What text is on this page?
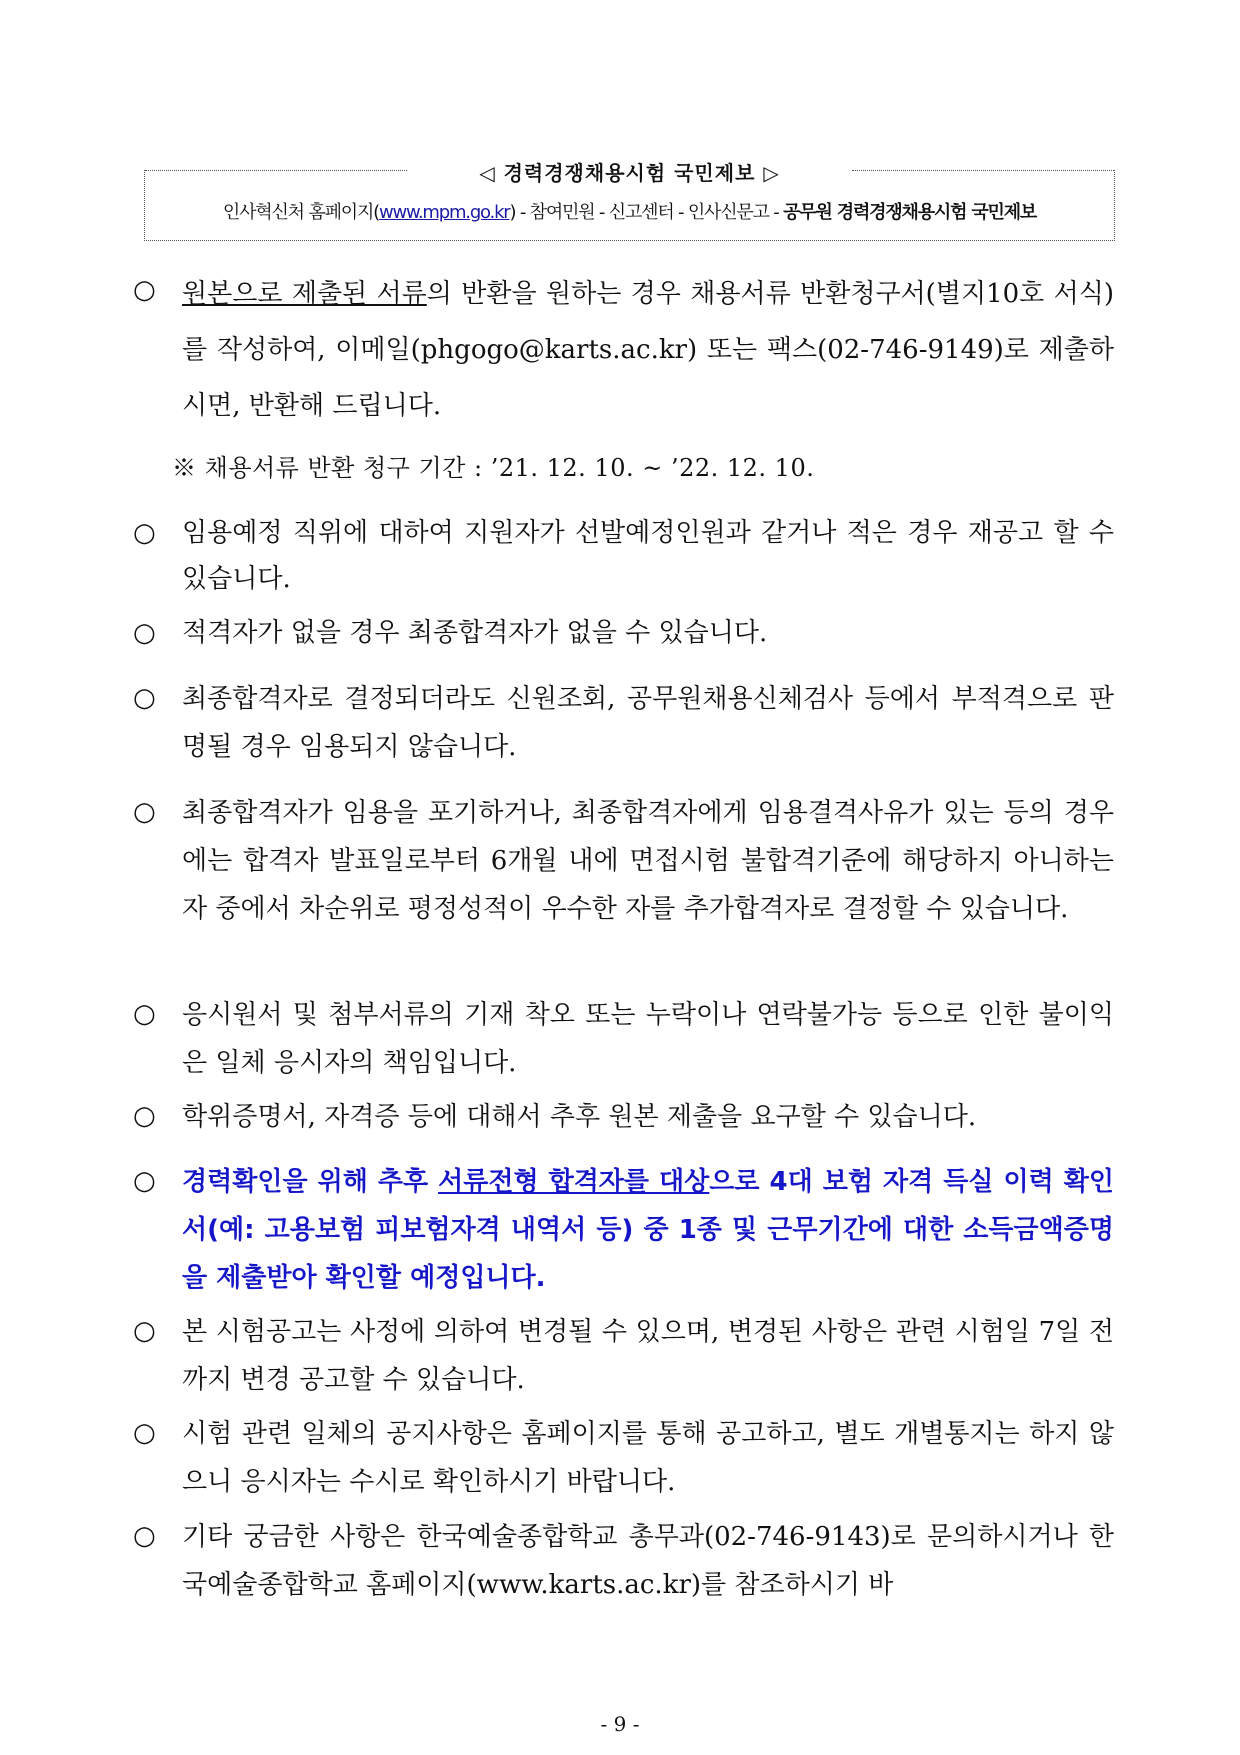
◁ 경력경쟁채용시험 국민제보 ▷
인사혁신처 홈페이지(www.mpm.go.kr) - 참여민원 - 신고센터 - 인사신문고 - 공무원 경력경쟁채용시험 국민제보
○ 원본으로 제출된 서류의 반환을 원하는 경우 채용서류 반환청구서(별지10호 서식)를 작성하여, 이메일(phgogo@karts.ac.kr) 또는 팩스(02-746-9149)로 제출하시면, 반환해 드립니다.
※ 채용서류 반환 청구 기간 : ’21. 12. 10. ~ ’22. 12. 10.
○ 임용예정 직위에 대하여 지원자가 선발예정인원과 같거나 적은 경우 재공고 할 수 있습니다.
○ 적격자가 없을 경우 최종합격자가 없을 수 있습니다.
○ 최종합격자로 결정되더라도 신원조회, 공무원채용신체검사 등에서 부적격으로 판명될 경우 임용되지 않습니다.
○ 최종합격자가 임용을 포기하거나, 최종합격자에게 임용결격사유가 있는 등의 경우에는 합격자 발표일로부터 6개월 내에 면접시험 불합격기준에 해당하지 아니하는 자 중에서 차순위로 평정성적이 우수한 자를 추가합격자로 결정할 수 있습니다.
○ 응시원서 및 첨부서류의 기재 착오 또는 누락이나 연락불가능 등으로 인한 불이익은 일체 응시자의 책임입니다.
○ 학위증명서, 자격증 등에 대해서 추후 원본 제출을 요구할 수 있습니다.
○ 경력확인을 위해 추후 서류전형 합격자를 대상으로 4대 보험 자격 득실 이력 확인서(예: 고용보험 피보험자격 내역서 등) 중 1종 및 근무기간에 대한 소득금액증명을 제출받아 확인할 예정입니다.
○ 본 시험공고는 사정에 의하여 변경될 수 있으며, 변경된 사항은 관련 시험일 7일 전까지 변경 공고할 수 있습니다.
○ 시험 관련 일체의 공지사항은 홈페이지를 통해 공고하고, 별도 개별통지는 하지 않으니 응시자는 수시로 확인하시기 바랍니다.
○ 기타 궁금한 사항은 한국예술종합학교 총무과(02-746-9143)로 문의하시거나 한국예술종합학교 홈페이지(www.karts.ac.kr)를 참조하시기 바
- 9 -
